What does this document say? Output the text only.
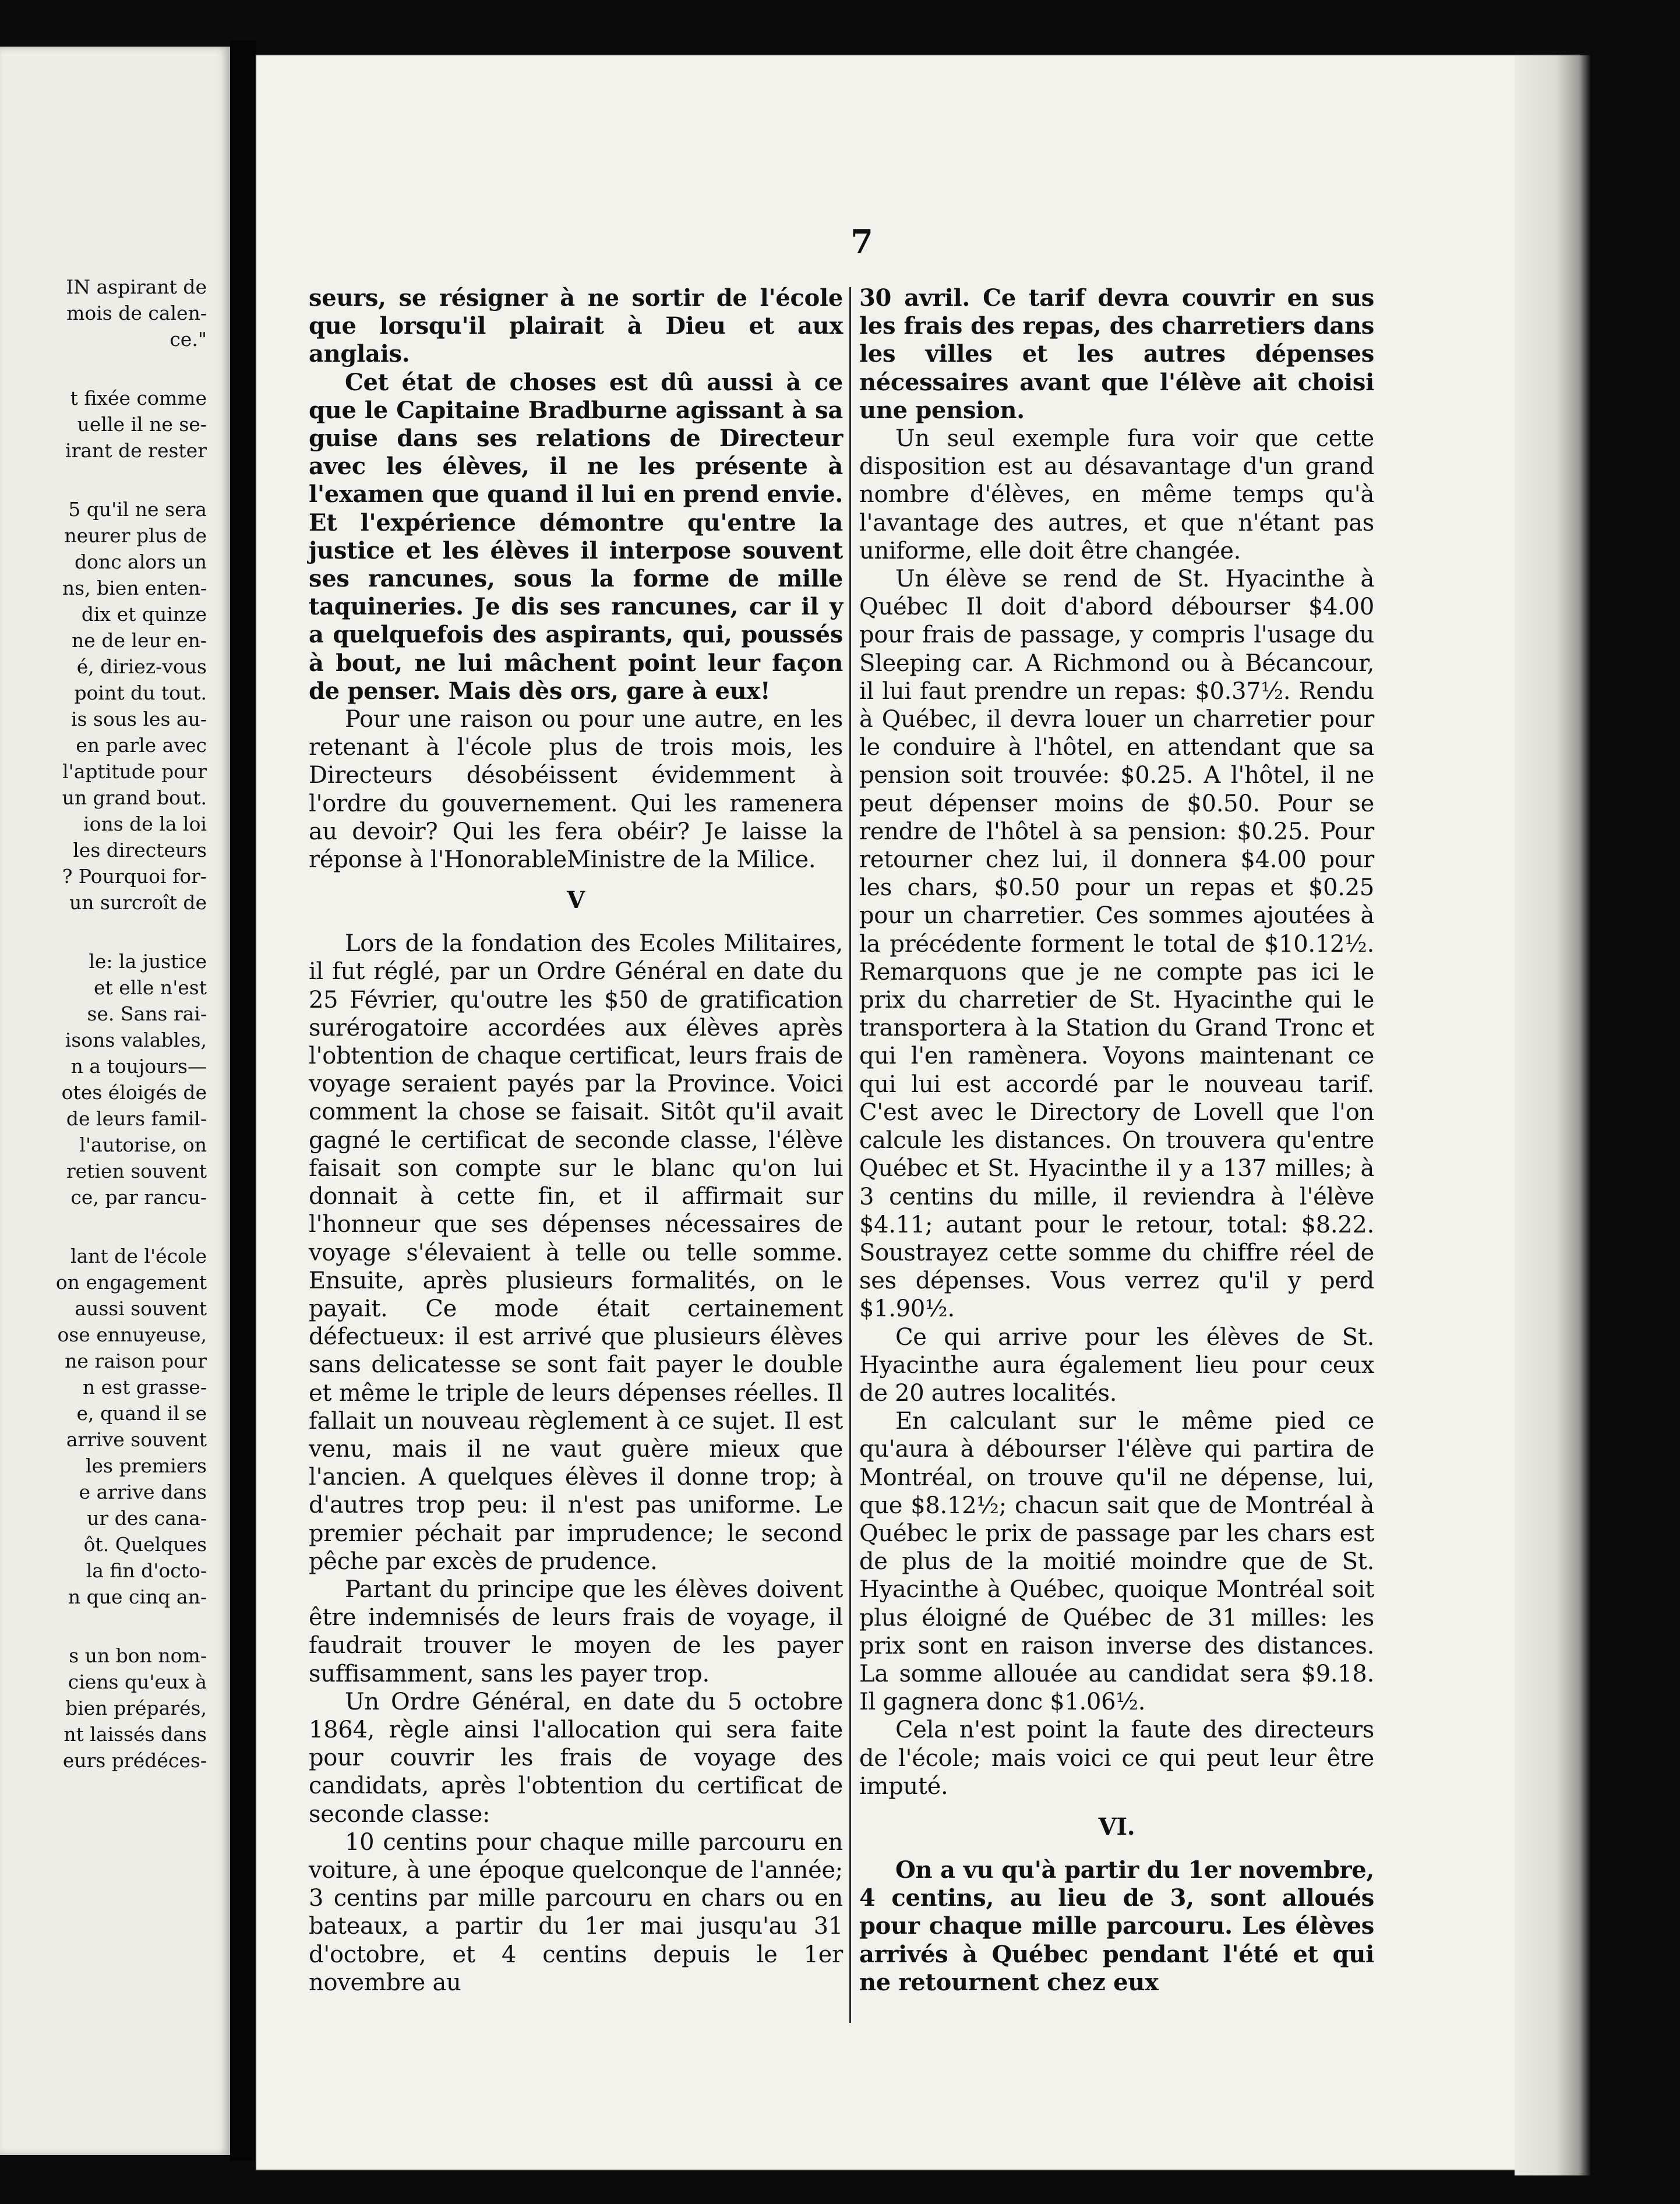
IN aspirant de
mois de calen-
ce."
t fixée comme
uelle il ne se-
irant de rester
5 qu'il ne sera
neurer plus de
donc alors un
ns, bien enten-
dix et quinze
ne de leur en-
é, diriez-vous
point du tout.
is sous les au-
en parle avec
l'aptitude pour
un grand bout.
ions de la loi
les directeurs
? Pourquoi for-
un surcroît de
le: la justice
et elle n'est
se. Sans rai-
isons valables,
n a toujours—
otes éloigés de
de leurs famil-
l'autorise, on
retien souvent
ce, par rancu-
lant de l'école
on engagement
aussi souvent
ose ennuyeuse,
ne raison pour
n est grasse-
e, quand il se
arrive souvent
les premiers
e arrive dans
ur des cana-
ôt. Quelques
la fin d'octo-
n que cinq an-
s un bon nom-
ciens qu'eux à
bien préparés,
nt laissés dans
eurs prédéces-
7

seurs, se résigner à ne sortir de l'école que lorsqu'il plairait à Dieu et aux anglais.

Cet état de choses est dû aussi à ce que le Capitaine Bradburne agissant à sa guise dans ses relations de Directeur avec les élèves, il ne les présente à l'examen que quand il lui en prend envie. Et l'expérience démontre qu'entre la justice et les élèves il interpose souvent ses rancunes, sous la forme de mille taquineries. Je dis ses rancunes, car il y a quelquefois des aspirants, qui, poussés à bout, ne lui mâchent point leur façon de penser. Mais dès ors, gare à eux!

Pour une raison ou pour une autre, en les retenant à l'école plus de trois mois, les Directeurs désobéissent évidemment à l'ordre du gouvernement. Qui les ramenera au devoir? Qui les fera obéir? Je laisse la réponse à l'HonorableMinistre de la Milice.

V

Lors de la fondation des Ecoles Militaires, il fut réglé, par un Ordre Général en date du 25 Février, qu'outre les $50 de gratification surérogatoire accordées aux élèves après l'obtention de chaque certificat, leurs frais de voyage seraient payés par la Province. Voici comment la chose se faisait. Sitôt qu'il avait gagné le certificat de seconde classe, l'élève faisait son compte sur le blanc qu'on lui donnait à cette fin, et il affirmait sur l'honneur que ses dépenses nécessaires de voyage s'élevaient à telle ou telle somme. Ensuite, après plusieurs formalités, on le payait. Ce mode était certainement défectueux: il est arrivé que plusieurs élèves sans delicatesse se sont fait payer le double et même le triple de leurs dépenses réelles. Il fallait un nouveau règlement à ce sujet. Il est venu, mais il ne vaut guère mieux que l'ancien. A quelques élèves il donne trop; à d'autres trop peu: il n'est pas uniforme. Le premier péchait par imprudence; le second pêche par excès de prudence.

Partant du principe que les élèves doivent être indemnisés de leurs frais de voyage, il faudrait trouver le moyen de les payer suffisamment, sans les payer trop.

Un Ordre Général, en date du 5 octobre 1864, règle ainsi l'allocation qui sera faite pour couvrir les frais de voyage des candidats, après l'obtention du certificat de seconde classe:

10 centins pour chaque mille parcouru en voiture, à une époque quelconque de l'année; 3 centins par mille parcouru en chars ou en bateaux, a partir du 1er mai jusqu'au 31 d'octobre, et 4 centins depuis le 1er novembre au

30 avril. Ce tarif devra couvrir en sus les frais des repas, des charretiers dans les villes et les autres dépenses nécessaires avant que l'élève ait choisi une pension.

Un seul exemple fura voir que cette disposition est au désavantage d'un grand nombre d'élèves, en même temps qu'à l'avantage des autres, et que n'étant pas uniforme, elle doit être changée.

Un élève se rend de St. Hyacinthe à Québec Il doit d'abord débourser $4.00 pour frais de passage, y compris l'usage du Sleeping car. A Richmond ou à Bécancour, il lui faut prendre un repas: $0.37½. Rendu à Québec, il devra louer un charretier pour le conduire à l'hôtel, en attendant que sa pension soit trouvée: $0.25. A l'hôtel, il ne peut dépenser moins de $0.50. Pour se rendre de l'hôtel à sa pension: $0.25. Pour retourner chez lui, il donnera $4.00 pour les chars, $0.50 pour un repas et $0.25 pour un charretier. Ces sommes ajoutées à la précédente forment le total de $10.12½. Remarquons que je ne compte pas ici le prix du charretier de St. Hyacinthe qui le transportera à la Station du Grand Tronc et qui l'en ramènera. Voyons maintenant ce qui lui est accordé par le nouveau tarif. C'est avec le Directory de Lovell que l'on calcule les distances. On trouvera qu'entre Québec et St. Hyacinthe il y a 137 milles; à 3 centins du mille, il reviendra à l'élève $4.11; autant pour le retour, total: $8.22. Soustrayez cette somme du chiffre réel de ses dépenses. Vous verrez qu'il y perd $1.90½.

Ce qui arrive pour les élèves de St. Hyacinthe aura également lieu pour ceux de 20 autres localités.

En calculant sur le même pied ce qu'aura à débourser l'élève qui partira de Montréal, on trouve qu'il ne dépense, lui, que $8.12½; chacun sait que de Montréal à Québec le prix de passage par les chars est de plus de la moitié moindre que de St. Hyacinthe à Québec, quoique Montréal soit plus éloigné de Québec de 31 milles: les prix sont en raison inverse des distances. La somme allouée au candidat sera $9.18. Il gagnera donc $1.06½.

Cela n'est point la faute des directeurs de l'école; mais voici ce qui peut leur être imputé.

VI.

On a vu qu'à partir du 1er novembre, 4 centins, au lieu de 3, sont alloués pour chaque mille parcouru. Les élèves arrivés à Québec pendant l'été et qui ne retournent chez eux
